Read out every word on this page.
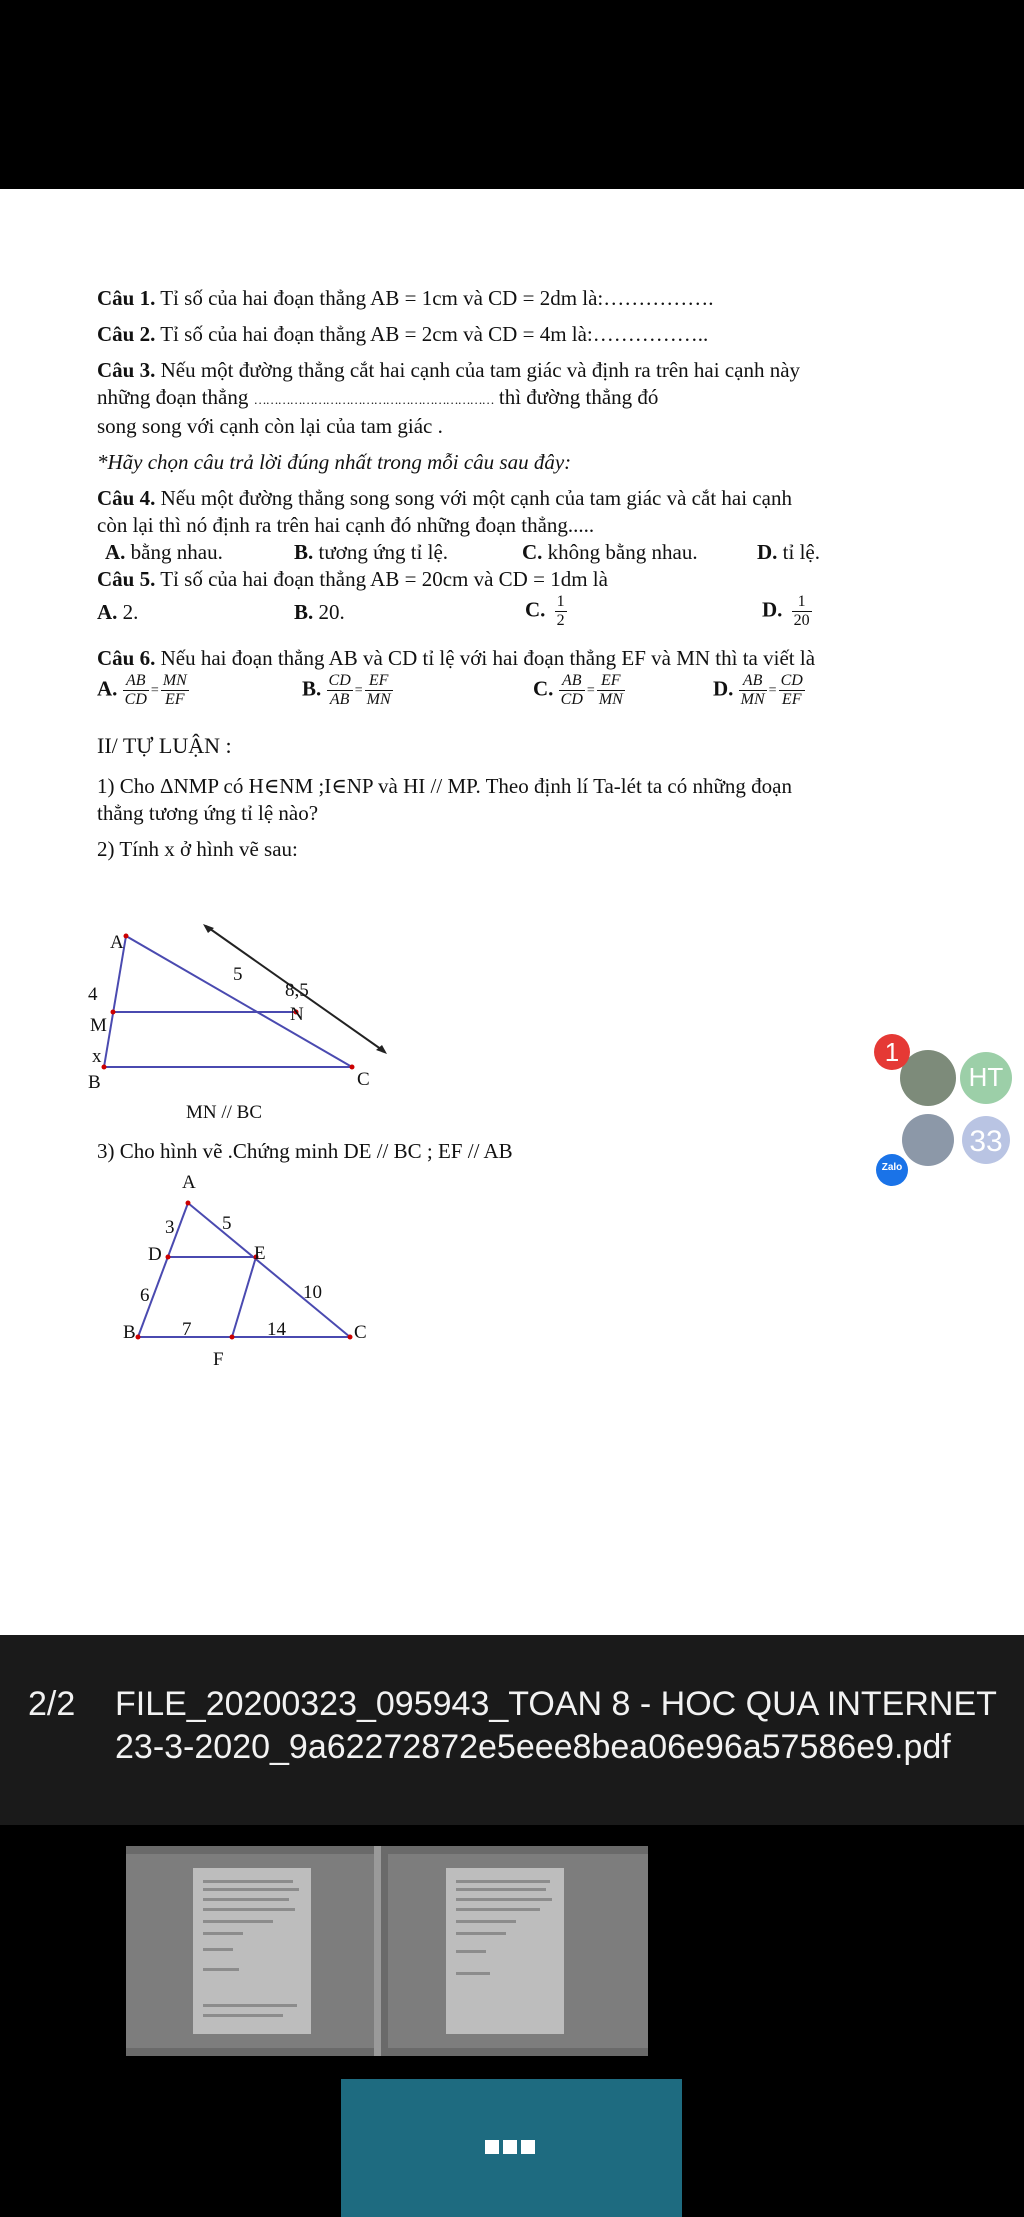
Câu 1. Tỉ số của hai đoạn thẳng AB = 1cm và CD = 2dm là:…………….
Câu 2. Tỉ số của hai đoạn thẳng AB = 2cm và CD = 4m là:……………..
Câu 3. Nếu một đường thẳng cắt hai cạnh của tam giác và định ra trên hai cạnh này
những đoạn thẳng …………………………………………………… thì đường thẳng đó
song song với cạnh còn lại của tam giác .
*Hãy chọn câu trả lời đúng nhất trong mỗi câu sau đây:
Câu 4. Nếu một đường thẳng song song với một cạnh của tam giác và cắt hai cạnh
còn lại thì nó định ra trên hai cạnh đó những đoạn thẳng.....
A. bằng nhau.	B. tương ứng tỉ lệ.	C. không bằng nhau.	D. tỉ lệ.
Câu 5. Tỉ số của hai đoạn thẳng AB = 20cm và CD = 1dm là
A. 2.	B. 20.	C. $\frac{1}{2}$	D. $\frac{1}{20}$
Câu 6. Nếu hai đoạn thẳng AB và CD tỉ lệ với hai đoạn thẳng EF và MN thì ta viết là
A. $\frac{AB}{CD} = \frac{MN}{EF}$	B. $\frac{CD}{AB} = \frac{EF}{MN}$	C. $\frac{AB}{CD} = \frac{EF}{MN}$	D. $\frac{AB}{MN} = \frac{CD}{EF}$
II/ TỰ LUẬN :
1) Cho ΔNMP có H∈NM ;I∈NP và HI // MP. Theo định lí Ta-lét ta có những đoạn
thẳng tương ứng tỉ lệ nào?
2) Tính x ở hình vẽ sau:
A
4
M
x
B
5
8,5
N
C
MN // BC
3) Cho hình vẽ .Chứng minh DE // BC ; EF // AB
A
3	5
D	E
6	10
B 7	14	C
F
1
HT
33
Zalo
2/2 FILE_20200323_095943_TOAN 8 - HOC QUA INTERNET 23-3-2020_9a62272872e5eee8bea06e96a57586e9.pdf
